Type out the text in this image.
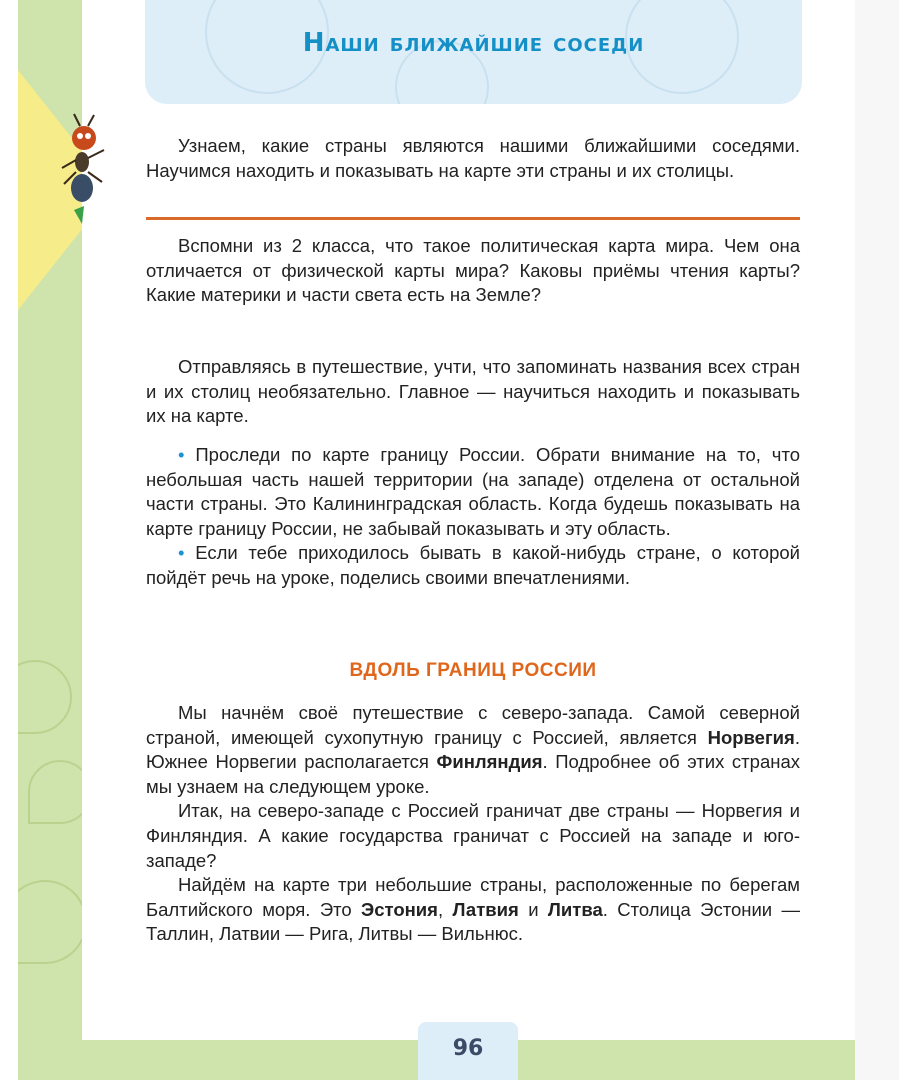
Наши ближайшие соседи
Узнаем, какие страны являются нашими ближайшими соседями. Научимся находить и показывать на карте эти страны и их столицы.
Вспомни из 2 класса, что такое политическая карта мира. Чем она отличается от физической карты мира? Каковы приёмы чтения карты? Какие материки и части света есть на Земле?
Отправляясь в путешествие, учти, что запоминать названия всех стран и их столиц необязательно. Главное — научиться находить и показывать их на карте.

• Проследи по карте границу России. Обрати внимание на то, что небольшая часть нашей территории (на западе) отделена от остальной части страны. Это Калининградская область. Когда будешь показывать на карте границу России, не забывай показывать и эту область.

• Если тебе приходилось бывать в какой-нибудь стране, о которой пойдёт речь на уроке, поделись своими впечатлениями.

ВДОЛЬ ГРАНИЦ РОССИИ

Мы начнём своё путешествие с северо-запада. Самой северной страной, имеющей сухопутную границу с Россией, является Норвегия. Южнее Норвегии располагается Финляндия. Подробнее об этих странах мы узнаем на следующем уроке.

Итак, на северо-западе с Россией граничат две страны — Норвегия и Финляндия. А какие государства граничат с Россией на западе и юго-западе?

Найдём на карте три небольшие страны, расположенные по берегам Балтийского моря. Это Эстония, Латвия и Литва. Столица Эстонии — Таллин, Латвии — Рига, Литвы — Вильнюс.

96
